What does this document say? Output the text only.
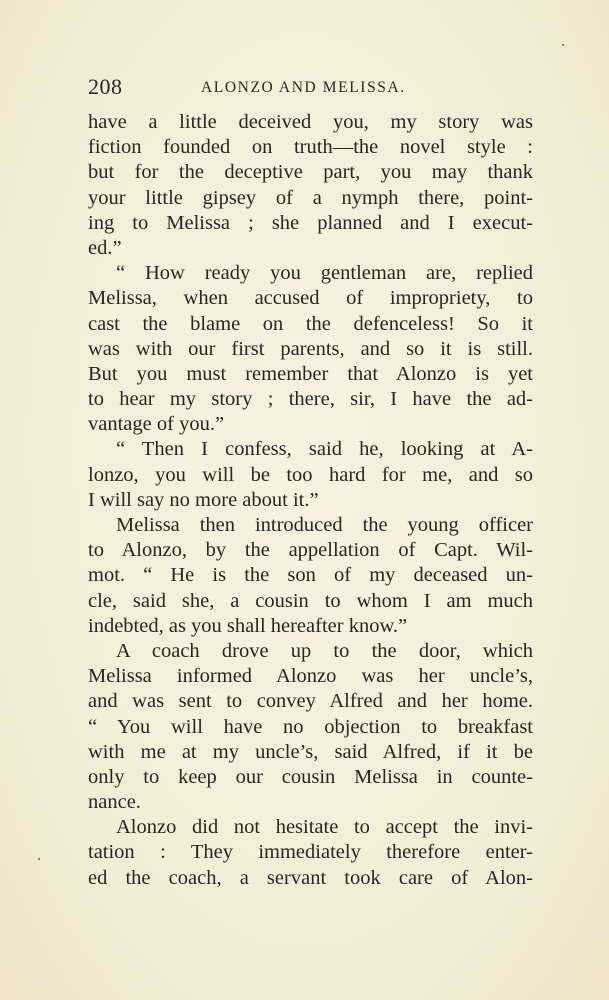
208	ALONZO AND MELISSA.
have a little deceived you, my story was
fiction founded on truth—the novel style :
but for the deceptive part, you may thank
your little gipsey of a nymph there, point-
ing to Melissa ; she planned and I execut-
ed.”
“ How ready you gentleman are, replied
Melissa, when accused of impropriety, to
cast the blame on the defenceless! So it
was with our first parents, and so it is still.
But you must remember that Alonzo is yet
to hear my story ; there, sir, I have the ad-
vantage of you.”
“ Then I confess, said he, looking at A-
lonzo, you will be too hard for me, and so
I will say no more about it.”
Melissa then introduced the young officer
to Alonzo, by the appellation of Capt. Wil-
mot. “ He is the son of my deceased un-
cle, said she, a cousin to whom I am much
indebted, as you shall hereafter know.”
A coach drove up to the door, which
Melissa informed Alonzo was her uncle’s,
and was sent to convey Alfred and her home.
“ You will have no objection to breakfast
with me at my uncle’s, said Alfred, if it be
only to keep our cousin Melissa in counte-
nance.
Alonzo did not hesitate to accept the invi-
tation : They immediately therefore enter-
ed the coach, a servant took care of Alon-
